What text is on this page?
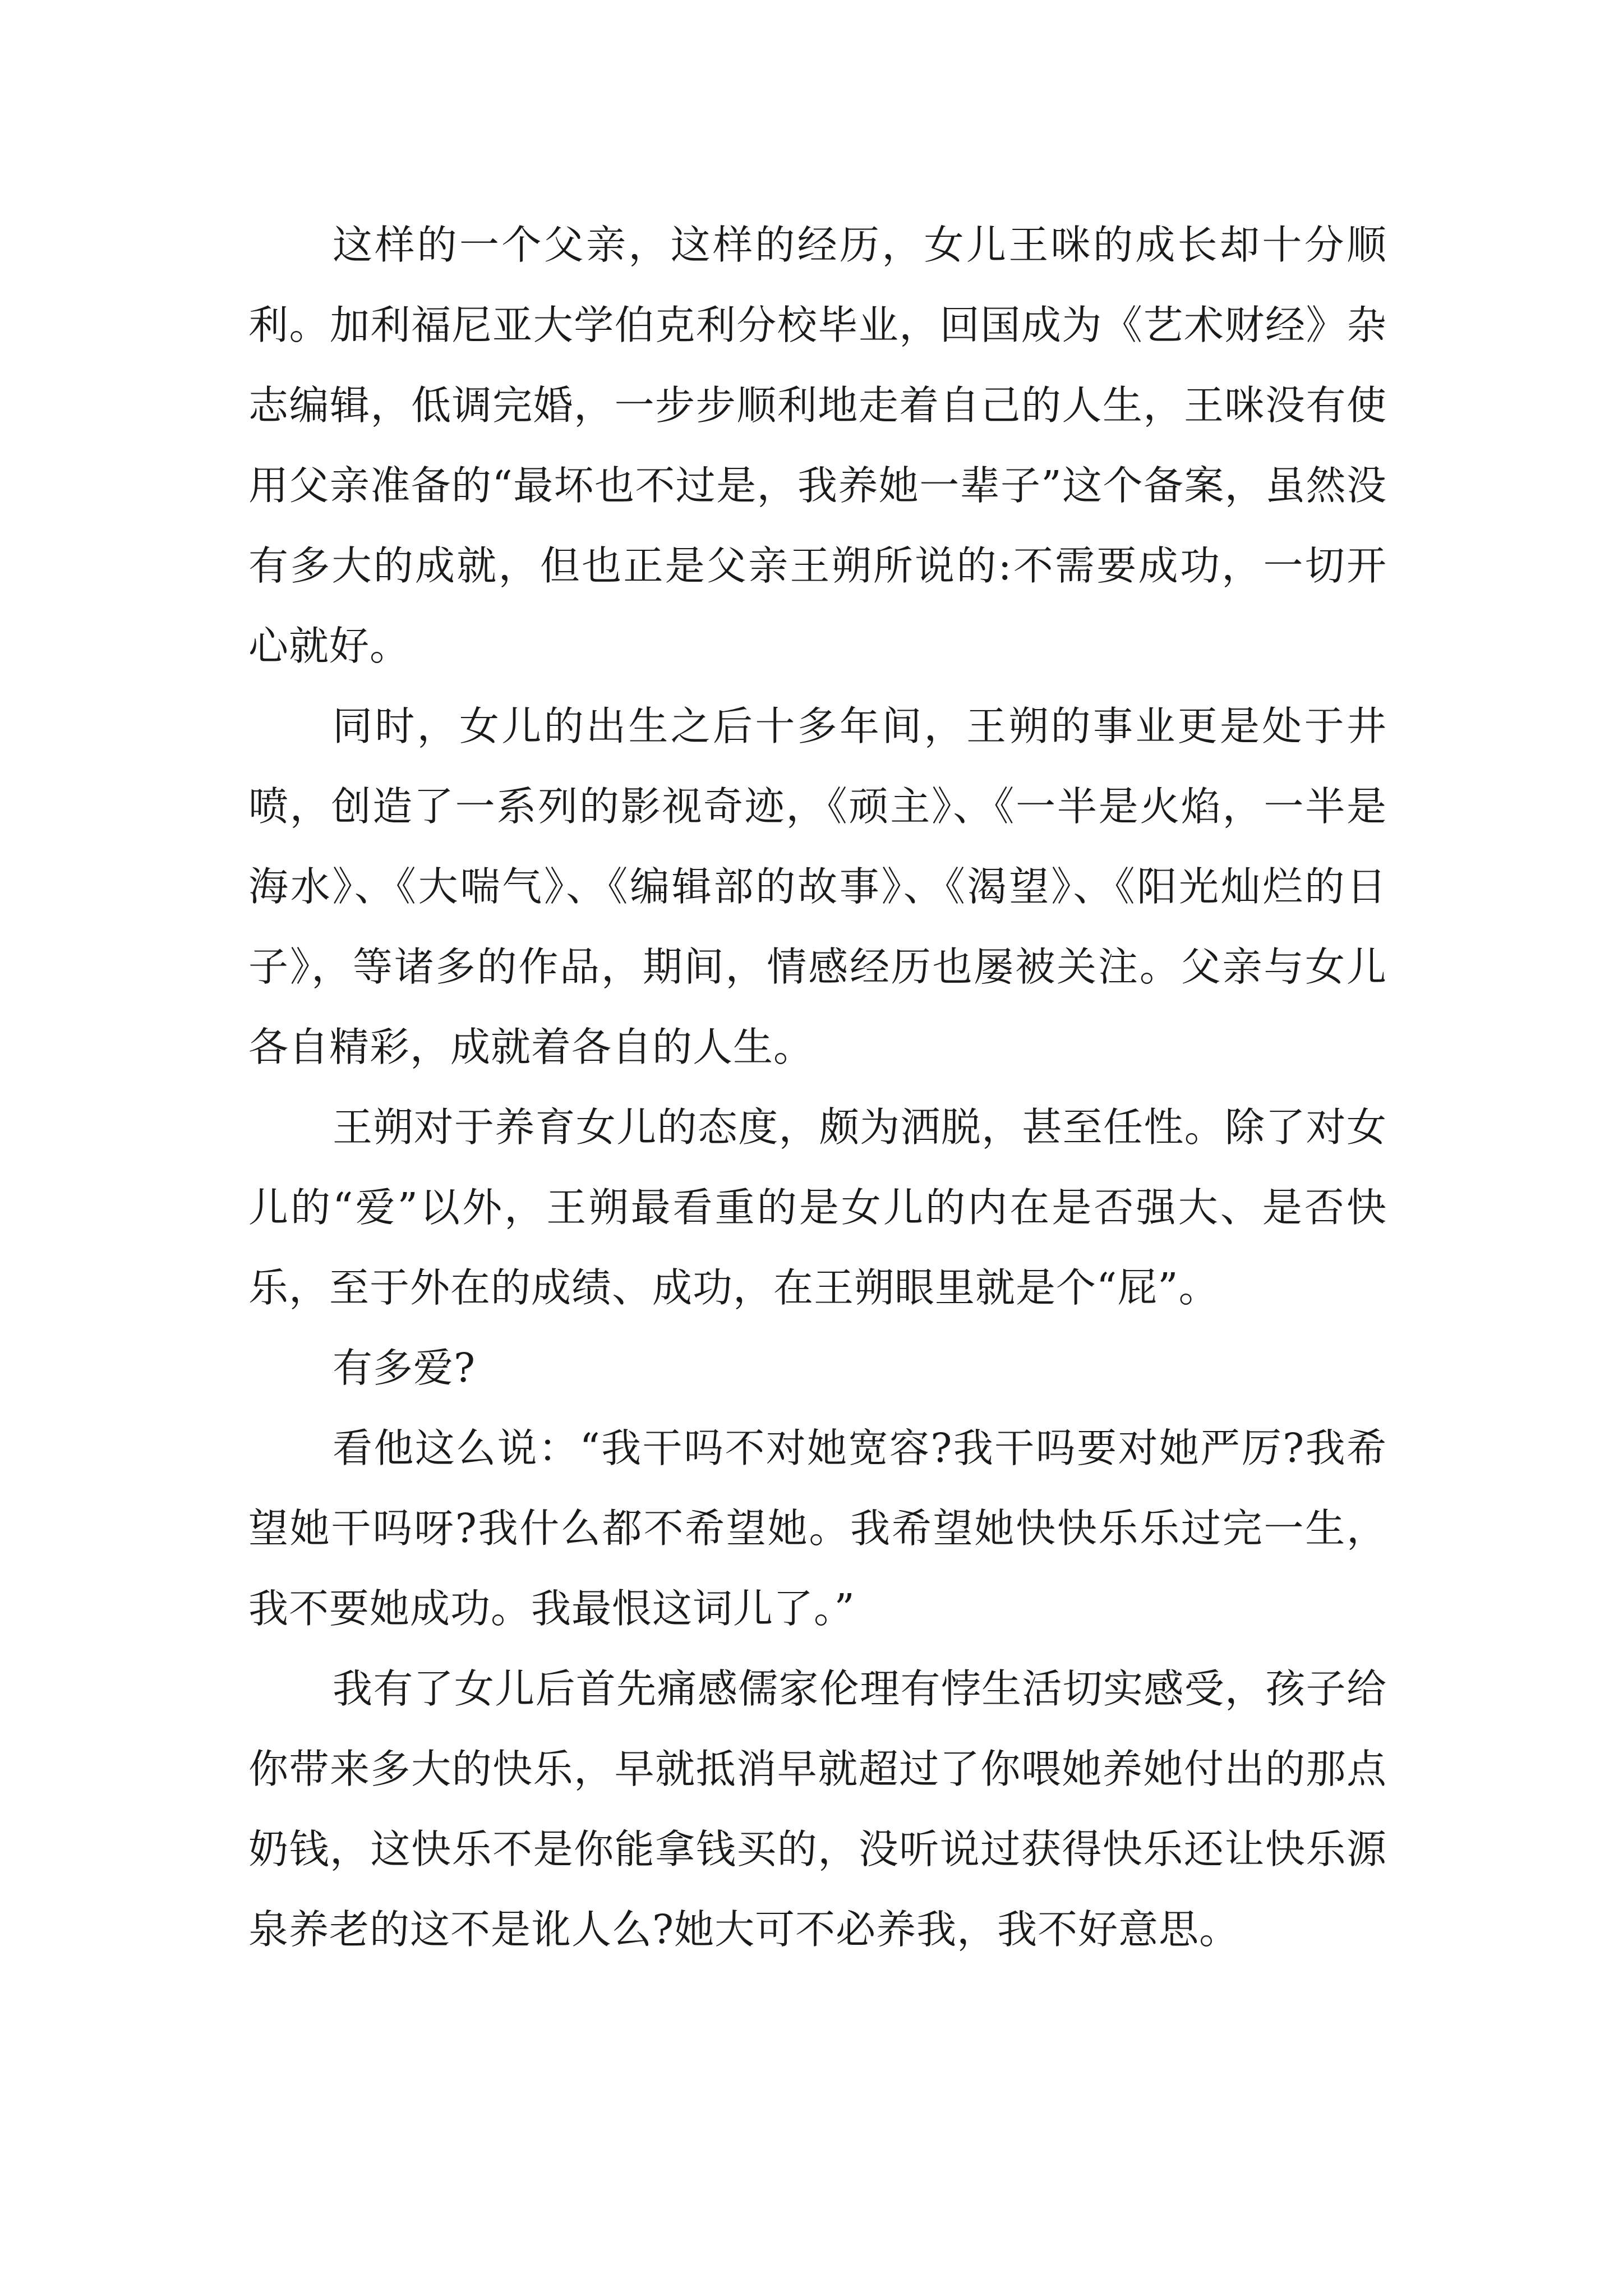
这样的一个父亲，这样的经历，女儿王咪的成长却十分顺利。加利福尼亚大学伯克利分校毕业，回国成为《艺术财经》杂志编辑，低调完婚，一步步顺利地走着自己的人生，王咪没有使用父亲准备的“最坏也不过是，我养她一辈子”这个备案，虽然没有多大的成就，但也正是父亲王朔所说的:不需要成功，一切开心就好。

同时，女儿的出生之后十多年间，王朔的事业更是处于井喷，创造了一系列的影视奇迹，《顽主》、《一半是火焰，一半是海水》、《大喘气》、《编辑部的故事》、《渴望》、《阳光灿烂的日子》，等诸多的作品，期间，情感经历也屡被关注。父亲与女儿各自精彩，成就着各自的人生。

王朔对于养育女儿的态度，颇为洒脱，甚至任性。除了对女儿的“爱”以外，王朔最看重的是女儿的内在是否强大、是否快乐，至于外在的成绩、成功，在王朔眼里就是个“屁”。

有多爱?

看他这么说：“我干吗不对她宽容?我干吗要对她严厉?我希望她干吗呀?我什么都不希望她。我希望她快快乐乐过完一生，我不要她成功。我最恨这词儿了。”

我有了女儿后首先痛感儒家伦理有悖生活切实感受，孩子给你带来多大的快乐，早就抵消早就超过了你喂她养她付出的那点奶钱，这快乐不是你能拿钱买的，没听说过获得快乐还让快乐源泉养老的这不是讹人么?她大可不必养我，我不好意思。
